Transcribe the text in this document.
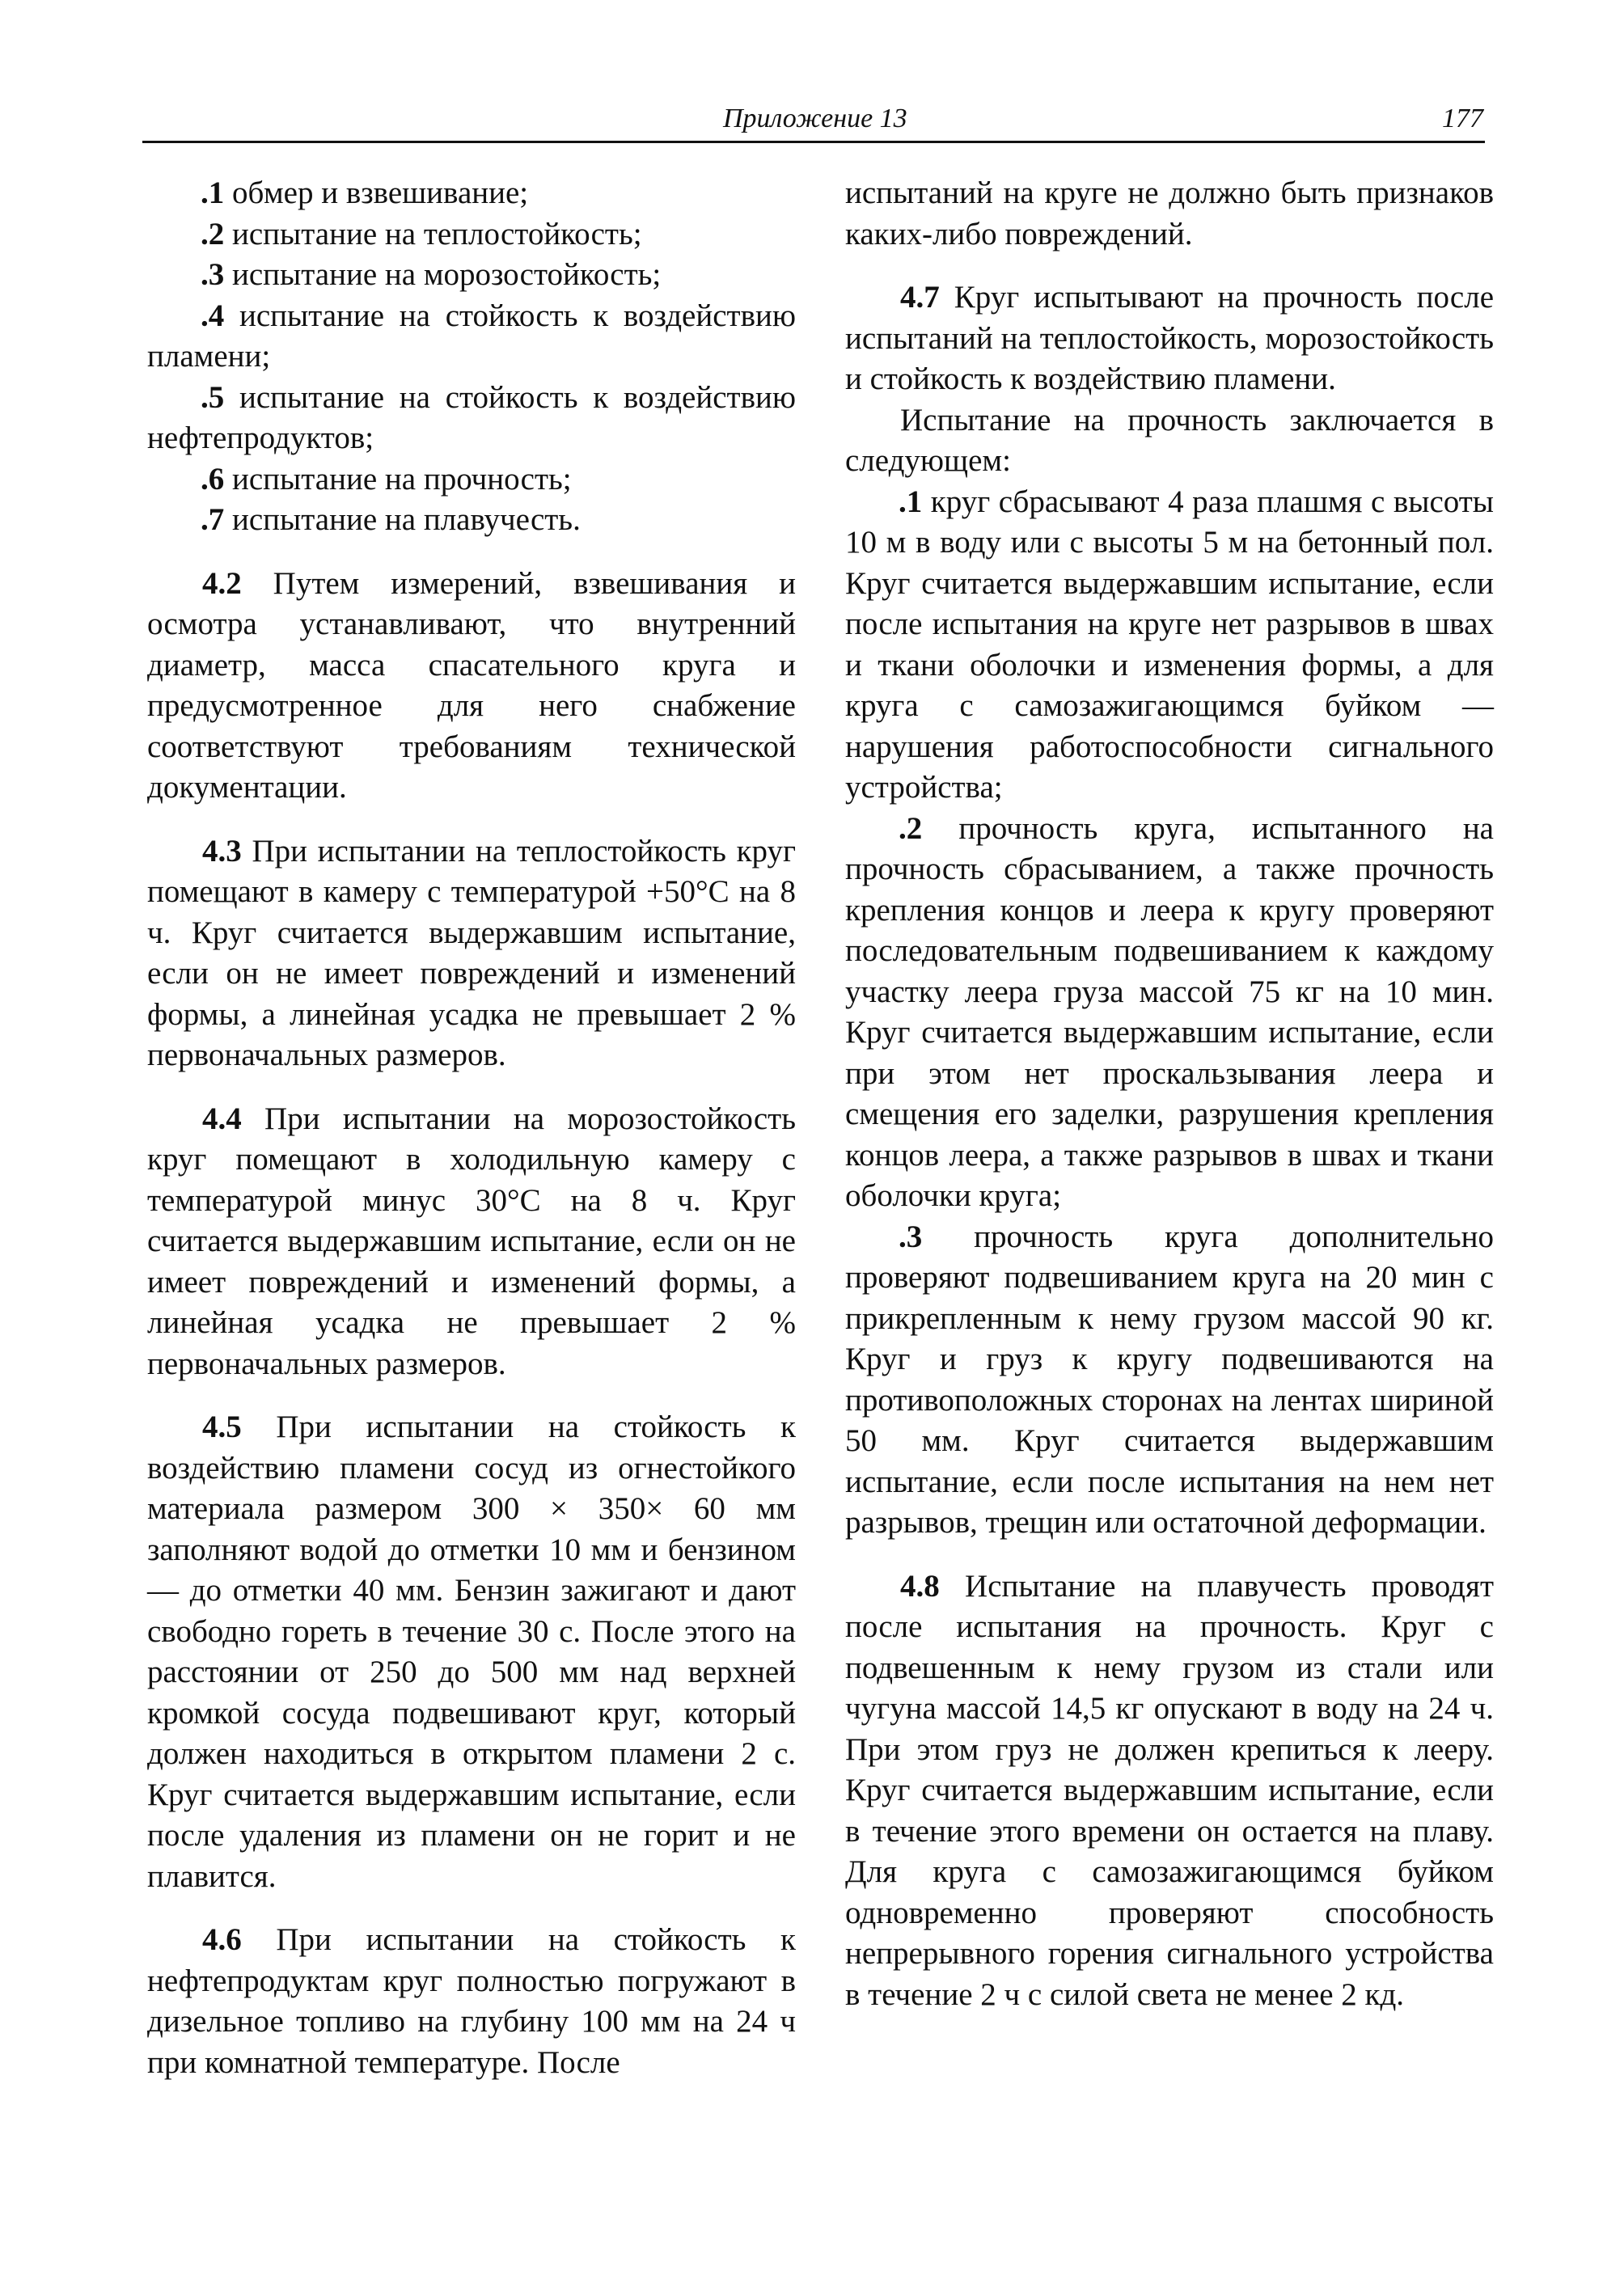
Приложение 13	177

.1 обмер и взвешивание;

.2 испытание на теплостойкость;

.3 испытание на морозостойкость;

.4 испытание на стойкость к воздействию пламени;

.5 испытание на стойкость к воздействию нефтепродуктов;

.6 испытание на прочность;

.7 испытание на плавучесть.

4.2 Путем измерений, взвешивания и осмотра устанавливают, что внутренний диаметр, масса спасательного круга и предусмотренное для него снабжение соответствуют требованиям технической документации.

4.3 При испытании на теплостойкость круг помещают в камеру с температурой +50°С на 8 ч. Круг считается выдержавшим испытание, если он не имеет повреждений и изменений формы, а линейная усадка не превышает 2 % первоначальных размеров.

4.4 При испытании на морозостойкость круг помещают в холодильную камеру с температурой минус 30°С на 8 ч. Круг считается выдержавшим испытание, если он не имеет повреждений и изменений формы, а линейная усадка не превышает 2 % первоначальных размеров.

4.5 При испытании на стойкость к воздействию пламени сосуд из огнестойкого материала размером 300 × 350× 60 мм заполняют водой до отметки 10 мм и бензином — до отметки 40 мм. Бензин зажигают и дают свободно гореть в течение 30 с. После этого на расстоянии от 250 до 500 мм над верхней кромкой сосуда подвешивают круг, который должен находиться в открытом пламени 2 с. Круг считается выдержавшим испытание, если после удаления из пламени он не горит и не плавится.

4.6 При испытании на стойкость к нефтепродуктам круг полностью погружают в дизельное топливо на глубину 100 мм на 24 ч при комнатной температуре. После

испытаний на круге не должно быть признаков каких-либо повреждений.

4.7 Круг испытывают на прочность после испытаний на теплостойкость, морозостойкость и стойкость к воздействию пламени.

Испытание на прочность заключается в следующем:

.1 круг сбрасывают 4 раза плашмя с высоты 10 м в воду или с высоты 5 м на бетонный пол. Круг считается выдержавшим испытание, если после испытания на круге нет разрывов в швах и ткани оболочки и изменения формы, а для круга с самозажигающимся буйком — нарушения работоспособности сигнального устройства;

.2 прочность круга, испытанного на прочность сбрасыванием, а также прочность крепления концов и леера к кругу проверяют последовательным подвешиванием к каждому участку леера груза массой 75 кг на 10 мин. Круг считается выдержавшим испытание, если при этом нет проскальзывания леера и смещения его заделки, разрушения крепления концов леера, а также разрывов в швах и ткани оболочки круга;

.3 прочность круга дополнительно проверяют подвешиванием круга на 20 мин с прикрепленным к нему грузом массой 90 кг. Круг и груз к кругу подвешиваются на противоположных сторонах на лентах шириной 50 мм. Круг считается выдержавшим испытание, если после испытания на нем нет разрывов, трещин или остаточной деформации.

4.8 Испытание на плавучесть проводят после испытания на прочность. Круг с подвешенным к нему грузом из стали или чугуна массой 14,5 кг опускают в воду на 24 ч. При этом груз не должен крепиться к лееру. Круг считается выдержавшим испытание, если в течение этого времени он остается на плаву. Для круга с самозажигающимся буйком одновременно проверяют способность непрерывного горения сигнального устройства в течение 2 ч с силой света не менее 2 кд.
